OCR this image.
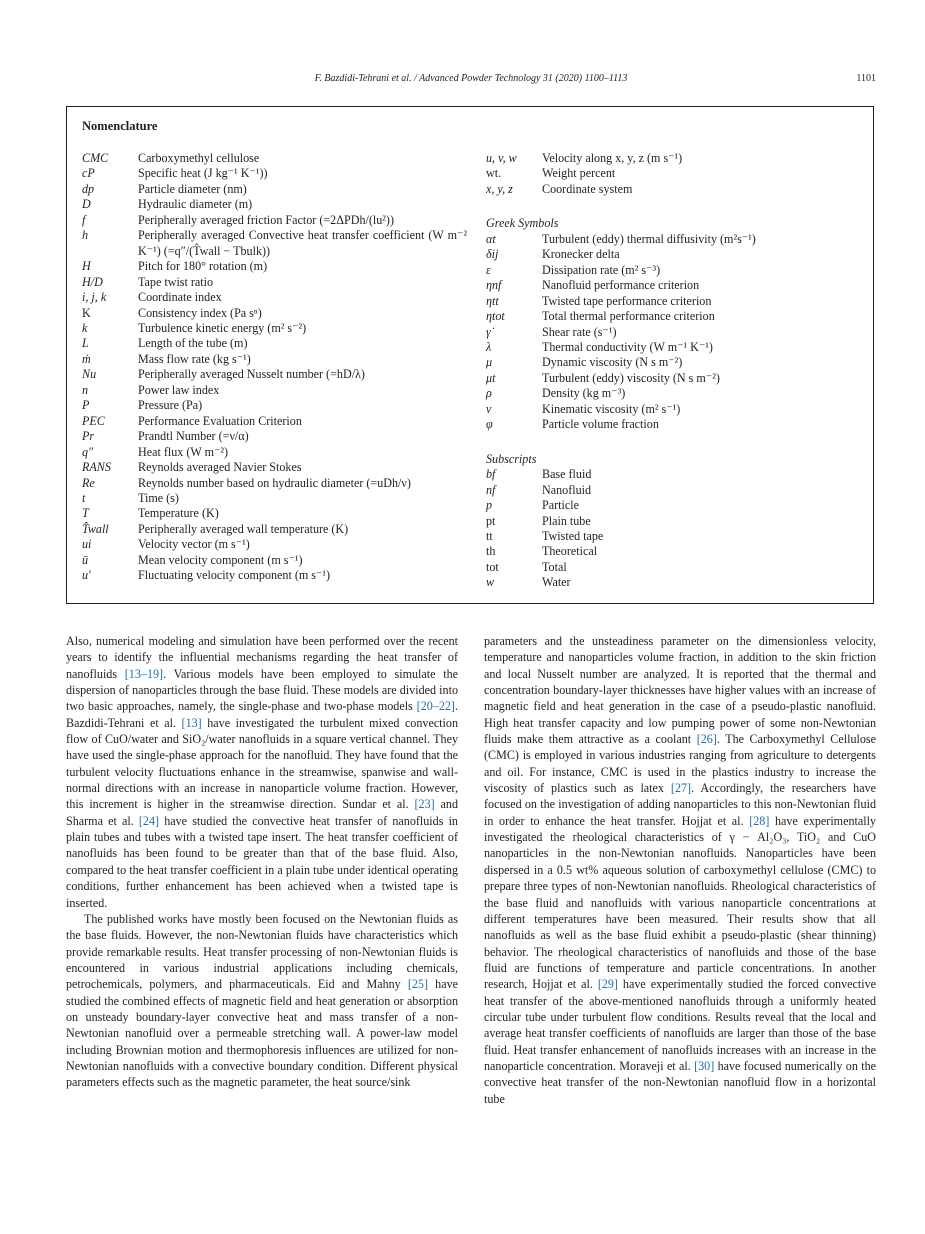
F. Bazdidi-Tehrani et al. / Advanced Powder Technology 31 (2020) 1100–1113	1101
Nomenclature
CMC	Carboxymethyl cellulose
cP	Specific heat (J kg⁻¹ K⁻¹))
dp	Particle diameter (nm)
D	Hydraulic diameter (m)
f	Peripherally averaged friction Factor (=2ΔPDh/(lu²))
h	Peripherally averaged Convective heat transfer coefficient (W m⁻² K⁻¹) (=q″/(T̂wall − Tbulk))
H	Pitch for 180° rotation (m)
H/D	Tape twist ratio
i, j, k	Coordinate index
K	Consistency index (Pa sⁿ)
k	Turbulence kinetic energy (m² s⁻²)
L	Length of the tube (m)
ṁ	Mass flow rate (kg s⁻¹)
Nu	Peripherally averaged Nusselt number (=hD/λ)
n	Power law index
P	Pressure (Pa)
PEC	Performance Evaluation Criterion
Pr	Prandtl Number (=ν/α)
q″	Heat flux (W m⁻²)
RANS	Reynolds averaged Navier Stokes
Re	Reynolds number based on hydraulic diameter (=uDh/ν)
t	Time (s)
T	Temperature (K)
T̂wall	Peripherally averaged wall temperature (K)
ui	Velocity vector (m s⁻¹)
ū	Mean velocity component (m s⁻¹)
u′	Fluctuating velocity component (m s⁻¹)
u, v, w	Velocity along x, y, z (m s⁻¹)
wt.	Weight percent
x, y, z	Coordinate system
Greek Symbols
αt	Turbulent (eddy) thermal diffusivity (m²s⁻¹)
δij	Kronecker delta
ε	Dissipation rate (m² s⁻³)
ηnf	Nanofluid performance criterion
ηtt	Twisted tape performance criterion
ηtot	Total thermal performance criterion
γ̇	Shear rate (s⁻¹)
λ	Thermal conductivity (W m⁻¹ K⁻¹)
μ	Dynamic viscosity (N s m⁻²)
μt	Turbulent (eddy) viscosity (N s m⁻²)
ρ	Density (kg m⁻³)
ν	Kinematic viscosity (m² s⁻¹)
φ	Particle volume fraction
Subscripts
bf	Base fluid
nf	Nanofluid
p	Particle
pt	Plain tube
tt	Twisted tape
th	Theoretical
tot	Total
w	Water

Also, numerical modeling and simulation have been performed over the recent years to identify the influential mechanisms regarding the heat transfer of nanofluids [13–19]. Various models have been employed to simulate the dispersion of nanoparticles through the base fluid. These models are divided into two basic approaches, namely, the single-phase and two-phase models [20–22]. Bazdidi-Tehrani et al. [13] have investigated the turbulent mixed convection flow of CuO/water and SiO₂/water nanofluids in a square vertical channel. They have used the single-phase approach for the nanofluid. They have found that the turbulent velocity fluctuations enhance in the streamwise, spanwise and wall-normal directions with an increase in nanoparticle volume fraction. However, this increment is higher in the streamwise direction. Sundar et al. [23] and Sharma et al. [24] have studied the convective heat transfer of nanofluids in plain tubes and tubes with a twisted tape insert. The heat transfer coefficient of nanofluids has been found to be greater than that of the base fluid. Also, compared to the heat transfer coefficient in a plain tube under identical operating conditions, further enhancement has been achieved when a twisted tape is inserted.

The published works have mostly been focused on the Newtonian fluids as the base fluids. However, the non-Newtonian fluids have characteristics which provide remarkable results. Heat transfer processing of non-Newtonian fluids is encountered in various industrial applications including chemicals, petrochemicals, polymers, and pharmaceuticals. Eid and Mahny [25] have studied the combined effects of magnetic field and heat generation or absorption on unsteady boundary-layer convective heat and mass transfer of a non-Newtonian nanofluid over a permeable stretching wall. A power-law model including Brownian motion and thermophoresis influences are utilized for non-Newtonian nanofluids with a convective boundary condition. Different physical parameters effects such as the magnetic parameter, the heat source/sink

parameters and the unsteadiness parameter on the dimensionless velocity, temperature and nanoparticles volume fraction, in addition to the skin friction and local Nusselt number are analyzed. It is reported that the thermal and concentration boundary-layer thicknesses have higher values with an increase of magnetic field and heat generation in the case of a pseudo-plastic nanofluid. High heat transfer capacity and low pumping power of some non-Newtonian fluids make them attractive as a coolant [26]. The Carboxymethyl Cellulose (CMC) is employed in various industries ranging from agriculture to detergents and oil. For instance, CMC is used in the plastics industry to increase the viscosity of plastics such as latex [27]. Accordingly, the researchers have focused on the investigation of adding nanoparticles to this non-Newtonian fluid in order to enhance the heat transfer. Hojjat et al. [28] have experimentally investigated the rheological characteristics of γ − Al₂O₃, TiO₂ and CuO nanoparticles in the non-Newtonian nanofluids. Nanoparticles have been dispersed in a 0.5 wt% aqueous solution of carboxymethyl cellulose (CMC) to prepare three types of non-Newtonian nanofluids. Rheological characteristics of the base fluid and nanofluids with various nanoparticle concentrations at different temperatures have been measured. Their results show that all nanofluids as well as the base fluid exhibit a pseudo-plastic (shear thinning) behavior. The rheological characteristics of nanofluids and those of the base fluid are functions of temperature and particle concentrations. In another research, Hojjat et al. [29] have experimentally studied the forced convective heat transfer of the above-mentioned nanofluids through a uniformly heated circular tube under turbulent flow conditions. Results reveal that the local and average heat transfer coefficients of nanofluids are larger than those of the base fluid. Heat transfer enhancement of nanofluids increases with an increase in the nanoparticle concentration. Moraveji et al. [30] have focused numerically on the convective heat transfer of the non-Newtonian nanofluid flow in a horizontal tube
